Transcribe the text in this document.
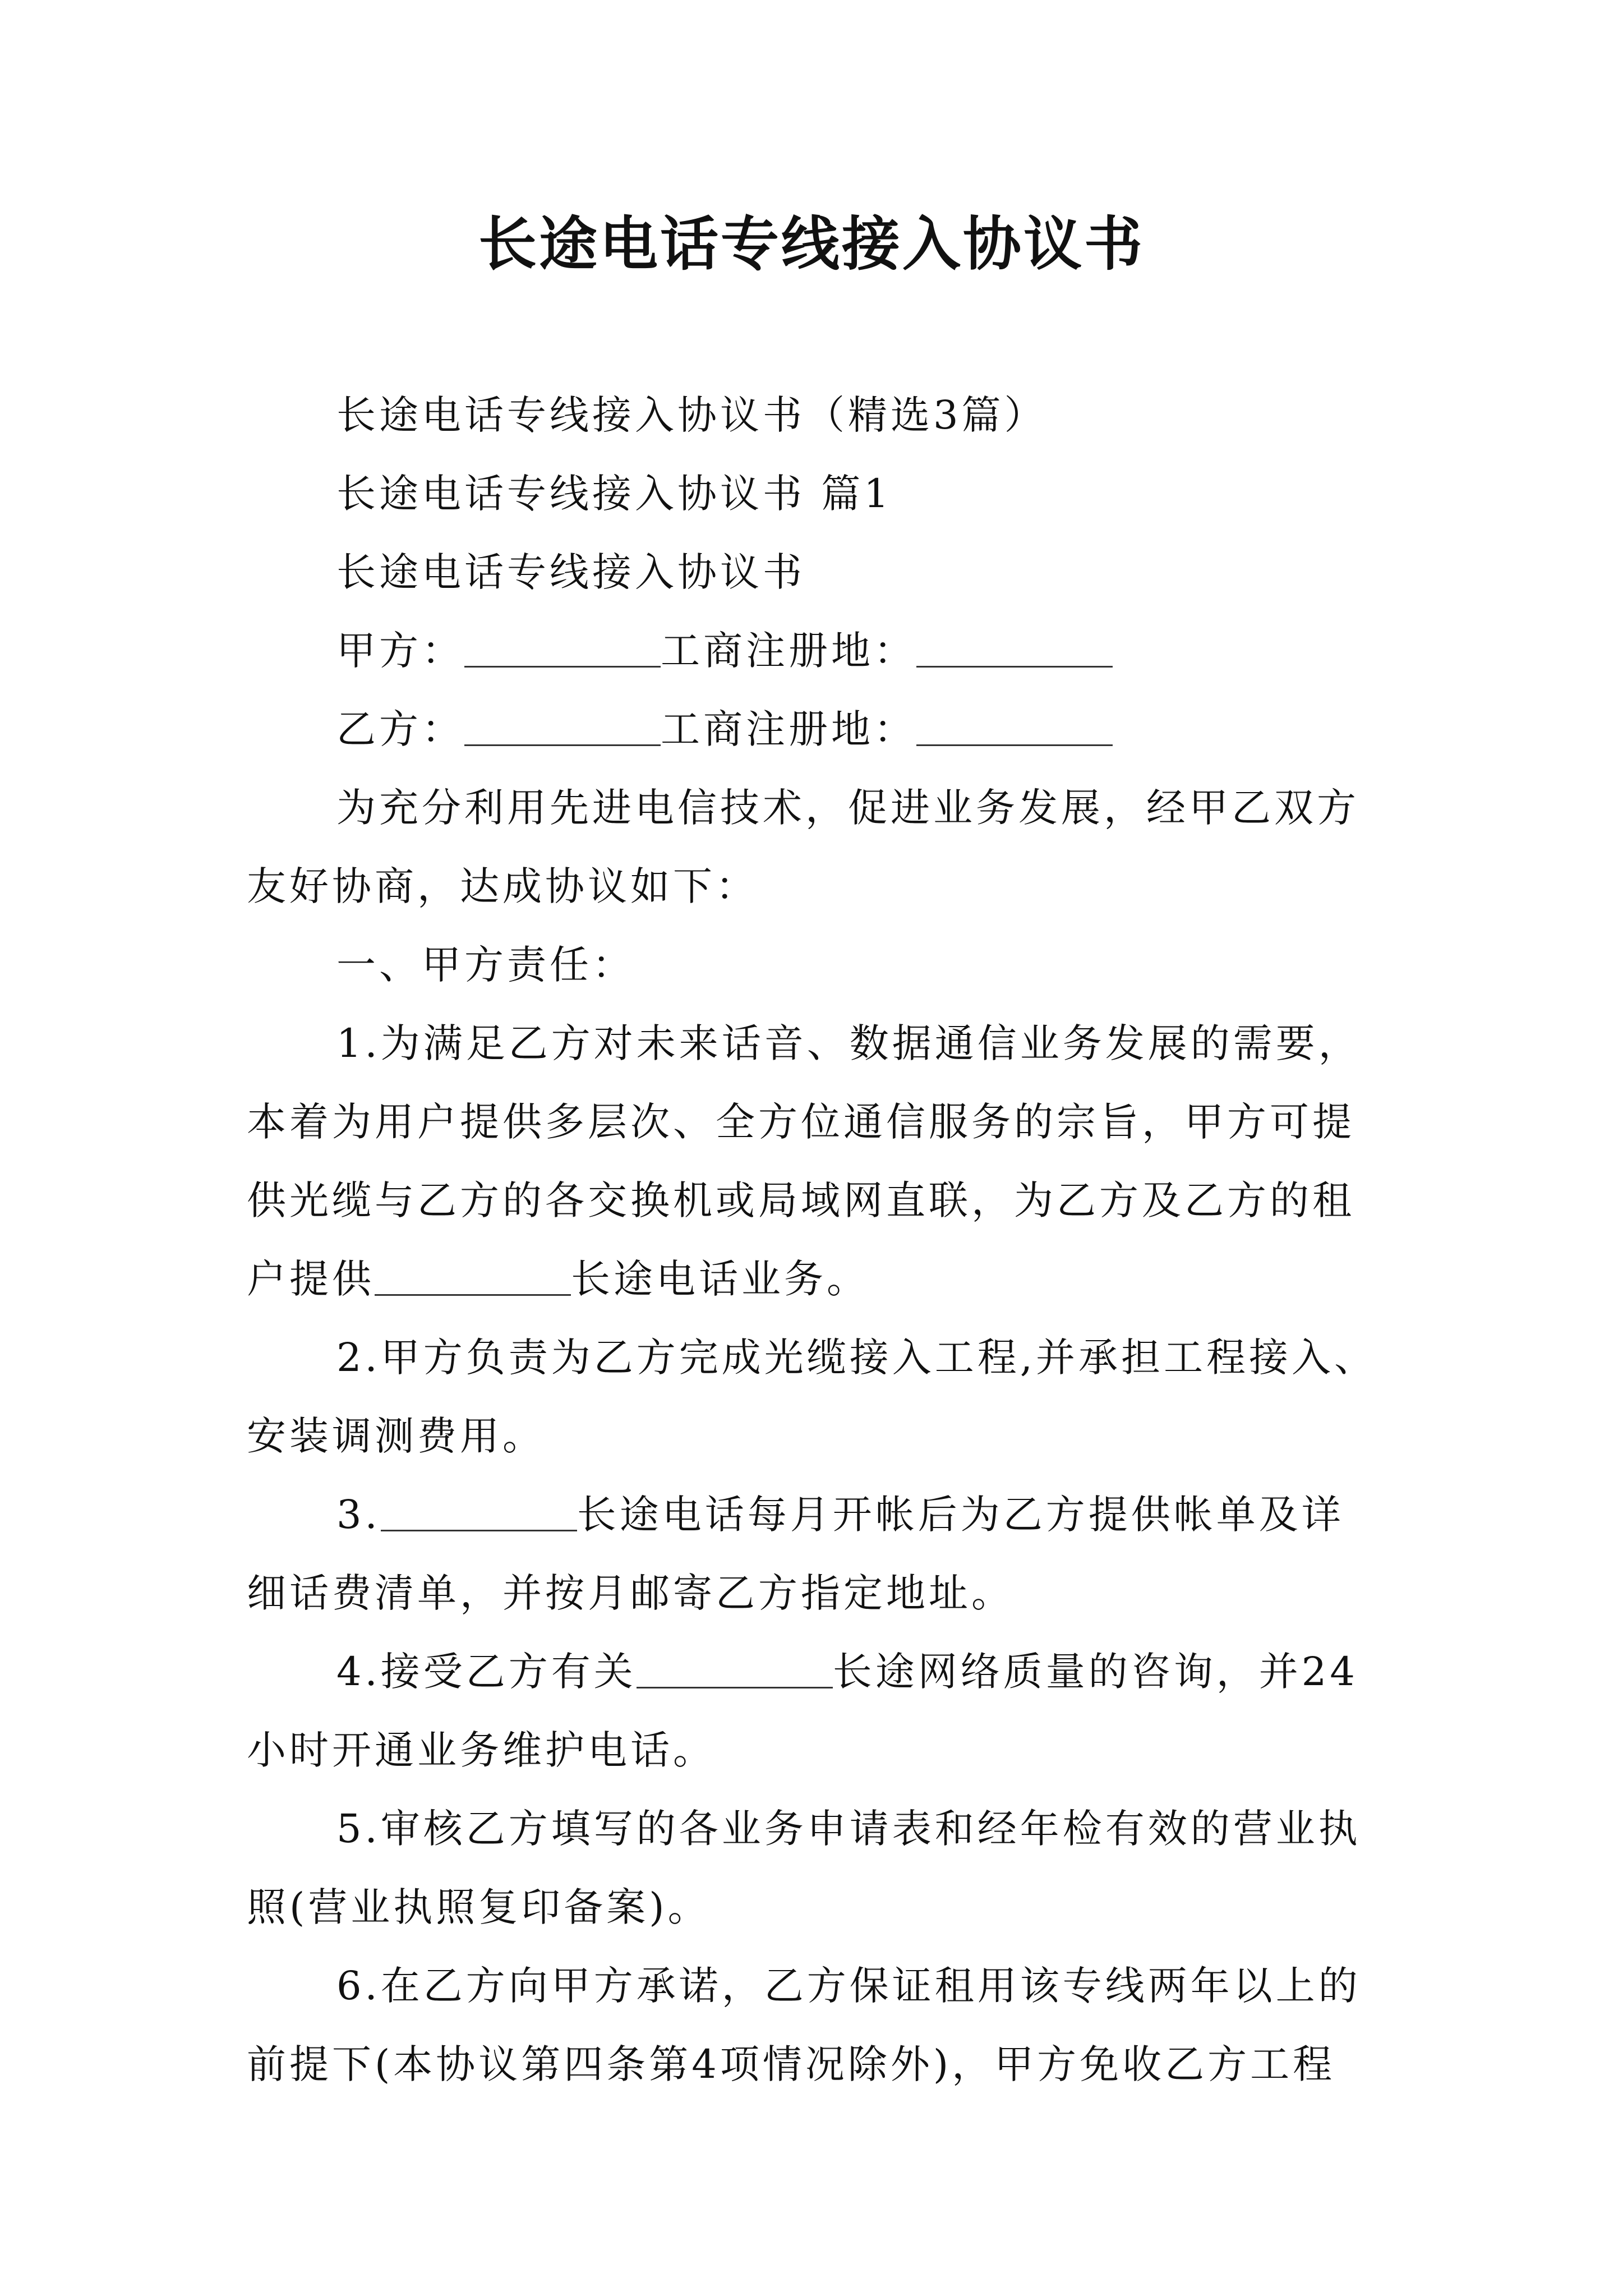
长途电话专线接入协议书

长途电话专线接入协议书（精选3篇）

长途电话专线接入协议书 篇1

长途电话专线接入协议书

甲方：	工商注册地：

乙方：	工商注册地：

为充分利用先进电信技术，促进业务发展，经甲乙双方友好协商，达成协议如下：

一、甲方责任：

1.为满足乙方对未来话音、数据通信业务发展的需要，本着为用户提供多层次、全方位通信服务的宗旨，甲方可提供光缆与乙方的各交换机或局域网直联，为乙方及乙方的租户提供	长途电话业务。

2.甲方负责为乙方完成光缆接入工程,并承担工程接入、安装调测费用。

3.	长途电话每月开帐后为乙方提供帐单及详细话费清单，并按月邮寄乙方指定地址。

4.接受乙方有关	长途网络质量的咨询，并24小时开通业务维护电话。

5.审核乙方填写的各业务申请表和经年检有效的营业执照(营业执照复印备案)。

6.在乙方向甲方承诺，乙方保证租用该专线两年以上的前提下(本协议第四条第4项情况除外)，甲方免收乙方工程
